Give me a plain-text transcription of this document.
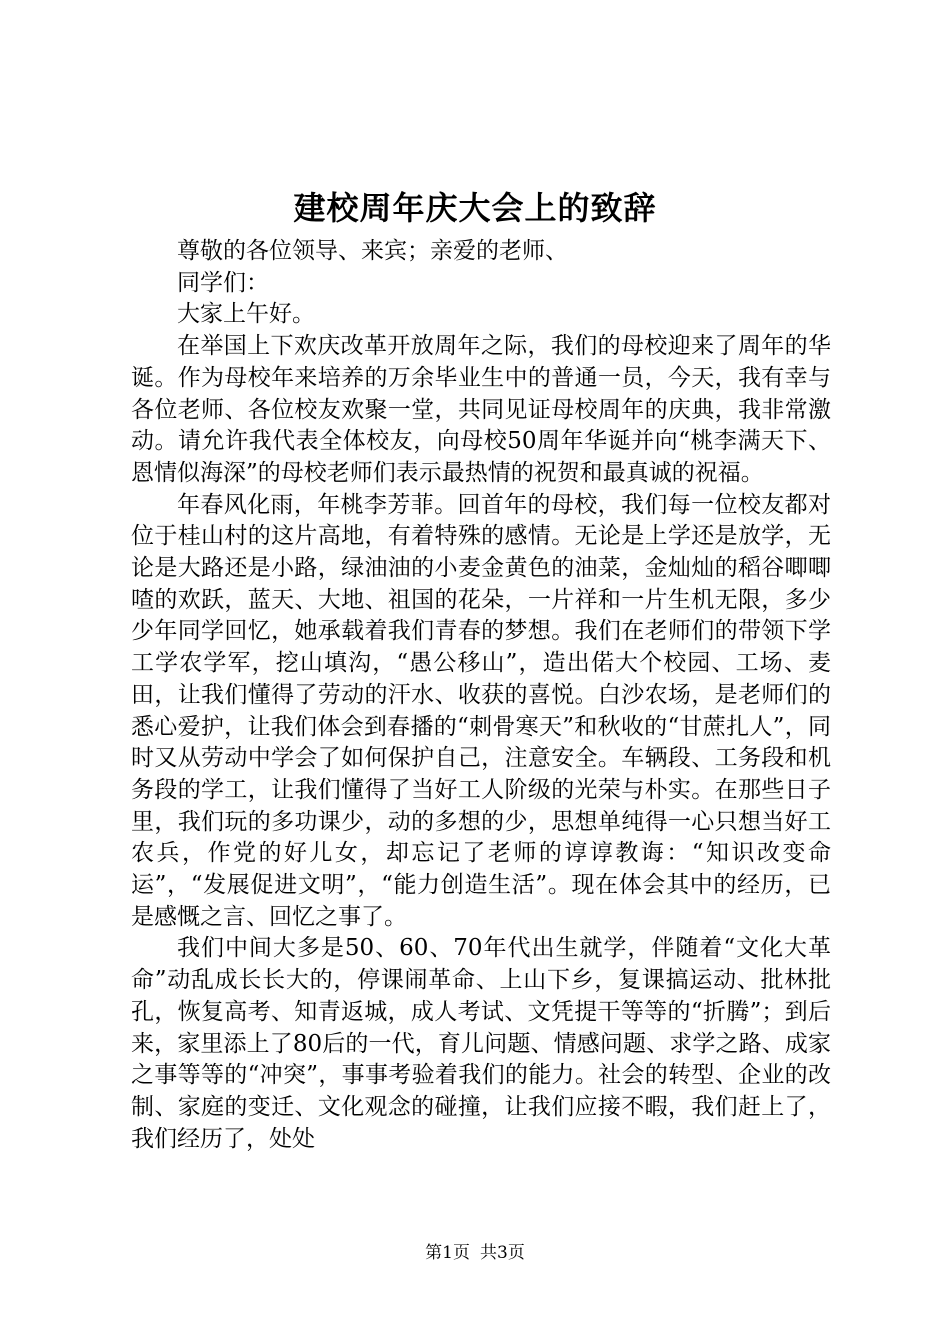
建校周年庆大会上的致辞

尊敬的各位领导、来宾；亲爱的老师、

同学们：

大家上午好。

在举国上下欢庆改革开放周年之际，我们的母校迎来了周年的华诞。作为母校年来培养的万余毕业生中的普通一员，今天，我有幸与各位老师、各位校友欢聚一堂，共同见证母校周年的庆典，我非常激动。请允许我代表全体校友，向母校50周年华诞并向“桃李满天下、恩情似海深”的母校老师们表示最热情的祝贺和最真诚的祝福。

年春风化雨，年桃李芳菲。回首年的母校，我们每一位校友都对位于桂山村的这片高地，有着特殊的感情。无论是上学还是放学，无论是大路还是小路，绿油油的小麦金黄色的油菜，金灿灿的稻谷唧唧喳的欢跃，蓝天、大地、祖国的花朵，一片祥和一片生机无限，多少少年同学回忆，她承载着我们青春的梦想。我们在老师们的带领下学工学农学军，挖山填沟，“愚公移山”，造出偌大个校园、工场、麦田，让我们懂得了劳动的汗水、收获的喜悦。白沙农场，是老师们的悉心爱护，让我们体会到春播的“刺骨寒天”和秋收的“甘蔗扎人”，同时又从劳动中学会了如何保护自己，注意安全。车辆段、工务段和机务段的学工，让我们懂得了当好工人阶级的光荣与朴实。在那些日子里，我们玩的多功课少，动的多想的少，思想单纯得一心只想当好工农兵，作党的好儿女，却忘记了老师的谆谆教诲：“知识改变命运”，“发展促进文明”，“能力创造生活”。现在体会其中的经历，已是感慨之言、回忆之事了。

我们中间大多是50、60、70年代出生就学，伴随着“文化大革命”动乱成长长大的，停课闹革命、上山下乡，复课搞运动、批林批孔，恢复高考、知青返城，成人考试、文凭提干等等的“折腾”；到后来，家里添上了80后的一代，育儿问题、情感问题、求学之路、成家之事等等的“冲突”，事事考验着我们的能力。社会的转型、企业的改制、家庭的变迁、文化观念的碰撞，让我们应接不暇，我们赶上了，我们经历了，处处

第1页 共3页
